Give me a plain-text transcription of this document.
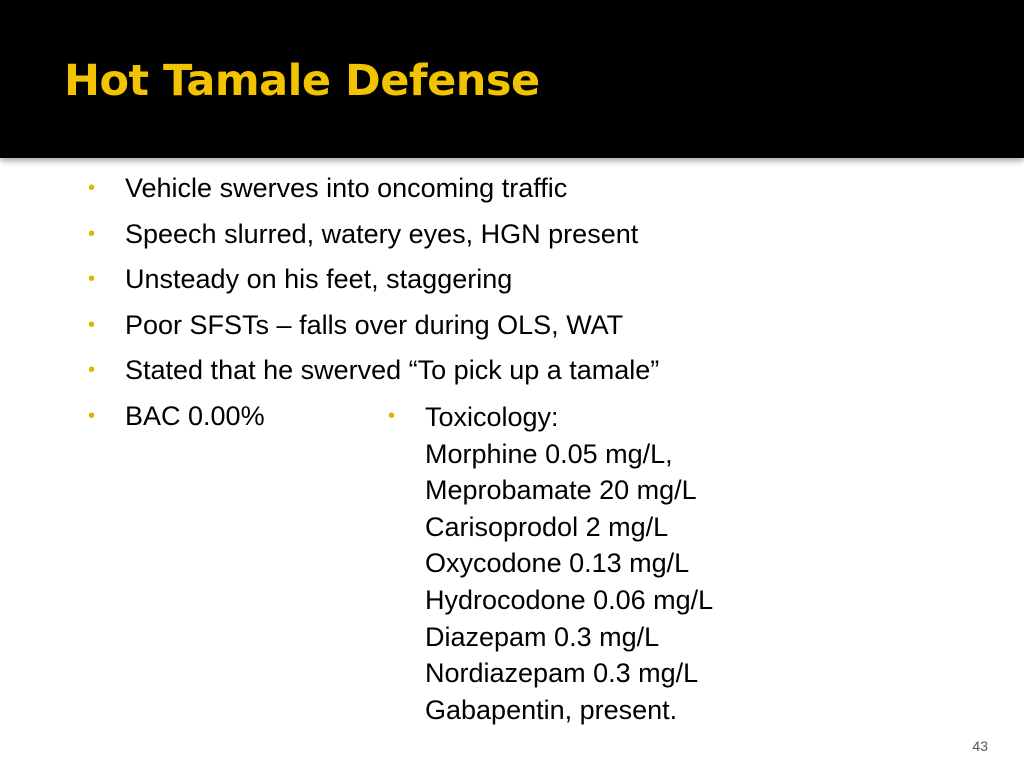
Hot Tamale Defense
• Vehicle swerves into oncoming traffic
• Speech slurred, watery eyes, HGN present
• Unsteady on his feet, staggering
• Poor SFSTs – falls over during OLS, WAT
• Stated that he swerved “To pick up a tamale”
• BAC 0.00%	• Toxicology:
Morphine 0.05 mg/L,
Meprobamate 20 mg/L
Carisoprodol 2 mg/L
Oxycodone 0.13 mg/L
Hydrocodone 0.06 mg/L
Diazepam 0.3 mg/L
Nordiazepam 0.3 mg/L
Gabapentin, present.
43
